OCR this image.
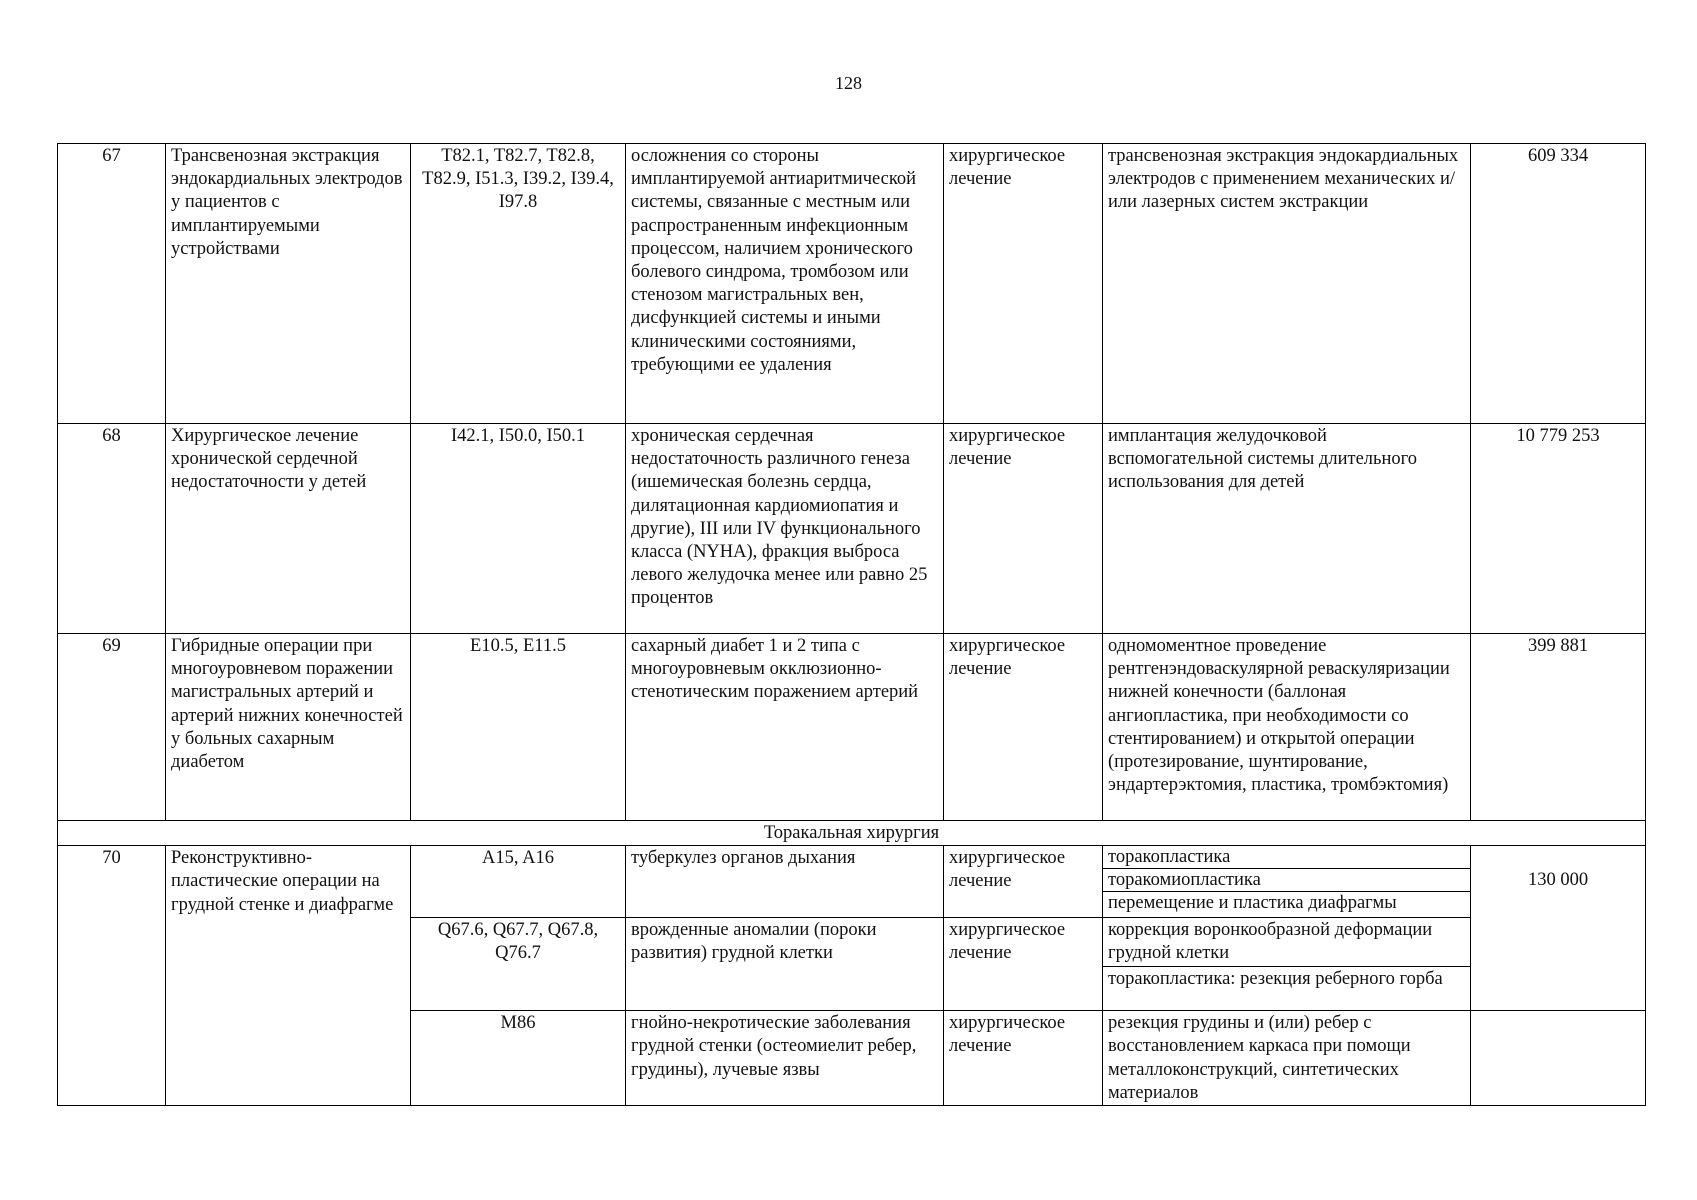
128
67	Трансвенозная экстракция эндокардиальных электродов у пациентов с имплантируемыми устройствами	T82.1, T82.7, T82.8, T82.9, I51.3, I39.2, I39.4, I97.8	осложнения со стороны имплантируемой антиаритмической системы, связанные с местным или распространенным инфекционным процессом, наличием хронического болевого синдрома, тромбозом или стенозом магистральных вен, дисфункцией системы и иными клиническими состояниями, требующими ее удаления	хирургическое лечение	трансвенозная экстракция эндокардиальных электродов с применением механических и/или лазерных систем экстракции	609 334
68	Хирургическое лечение хронической сердечной недостаточности у детей	I42.1, I50.0, I50.1	хроническая сердечная недостаточность различного генеза (ишемическая болезнь сердца, дилятационная кардиомиопатия и другие), III или IV функционального класса (NYHA), фракция выброса левого желудочка менее или равно 25 процентов	хирургическое лечение	имплантация желудочковой вспомогательной системы длительного использования для детей	10 779 253
69	Гибридные операции при многоуровневом поражении магистральных артерий и артерий нижних конечностей у больных сахарным диабетом	E10.5, E11.5	сахарный диабет 1 и 2 типа с многоуровневым окклюзионно-стенотическим поражением артерий	хирургическое лечение	одномоментное проведение рентгенэндоваскулярной реваскуляризации нижней конечности (баллоная ангиопластика, при необходимости со стентированием) и открытой операции (протезирование, шунтирование, эндартерэктомия, пластика, тромбэктомия)	399 881
Торакальная хирургия						
70	Реконструктивно-пластические операции на грудной стенке и диафрагме	A15, A16	туберкулез органов дыхания	хирургическое лечение	торакопластика
торакомиопластика
перемещение и пластика диафрагмы	130 000
		Q67.6, Q67.7, Q67.8, Q76.7	врожденные аномалии (пороки развития) грудной клетки	хирургическое лечение	коррекция воронкообразной деформации грудной клетки
торакопластика: резекция реберного горба	

		M86	гнойно-некротические заболевания грудной стенки (остеомиелит ребер, грудины), лучевые язвы	хирургическое лечение	резекция грудины и (или) ребер с восстановлением каркаса при помощи металлоконструкций, синтетических материалов	
